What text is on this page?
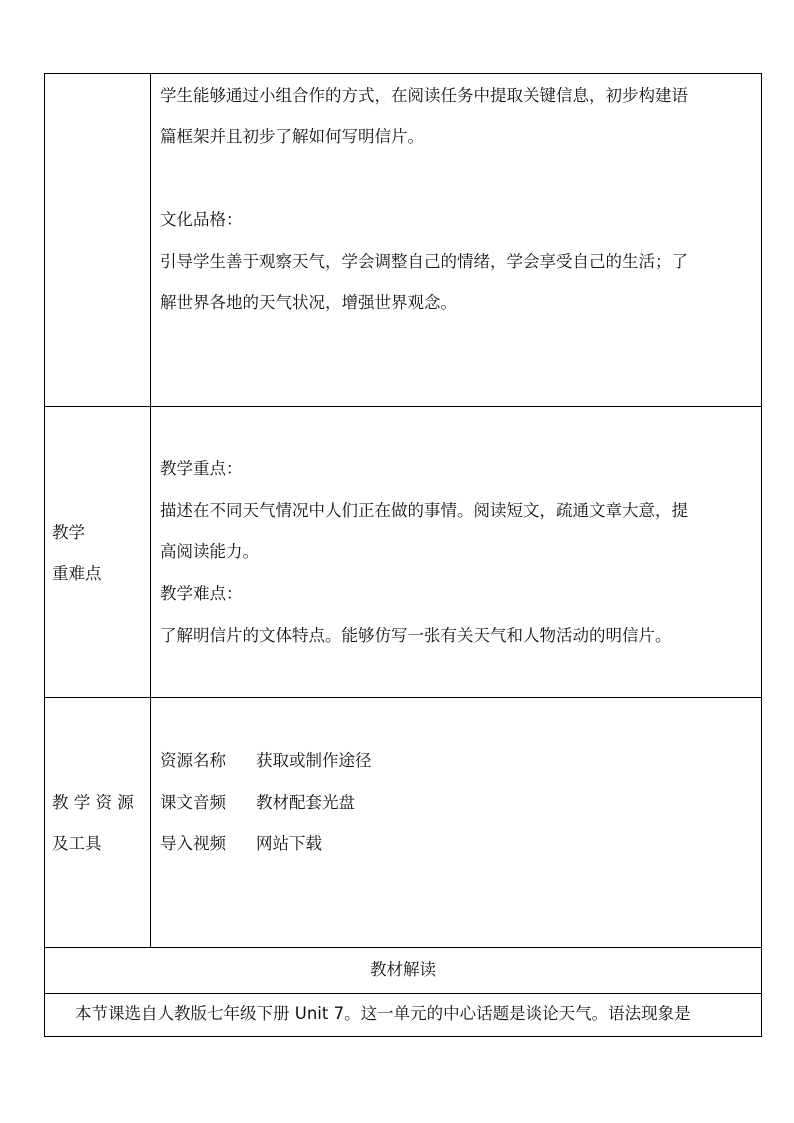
学生能够通过小组合作的方式，在阅读任务中提取关键信息，初步构建语
篇框架并且初步了解如何写明信片。
文化品格：
引导学生善于观察天气，学会调整自己的情绪，学会享受自己的生活；了
解世界各地的天气状况，增强世界观念。
教学
重难点
教学重点：
描述在不同天气情况中人们正在做的事情。阅读短文，疏通文章大意，提
高阅读能力。
教学难点：
了解明信片的文体特点。能够仿写一张有关天气和人物活动的明信片。
教 学 资 源
及工具
资源名称 获取或制作途径
课文音频 教材配套光盘
导入视频 网站下载
教材解读
本节课选自人教版七年级下册 Unit 7。这一单元的中心话题是谈论天气。语法现象是
